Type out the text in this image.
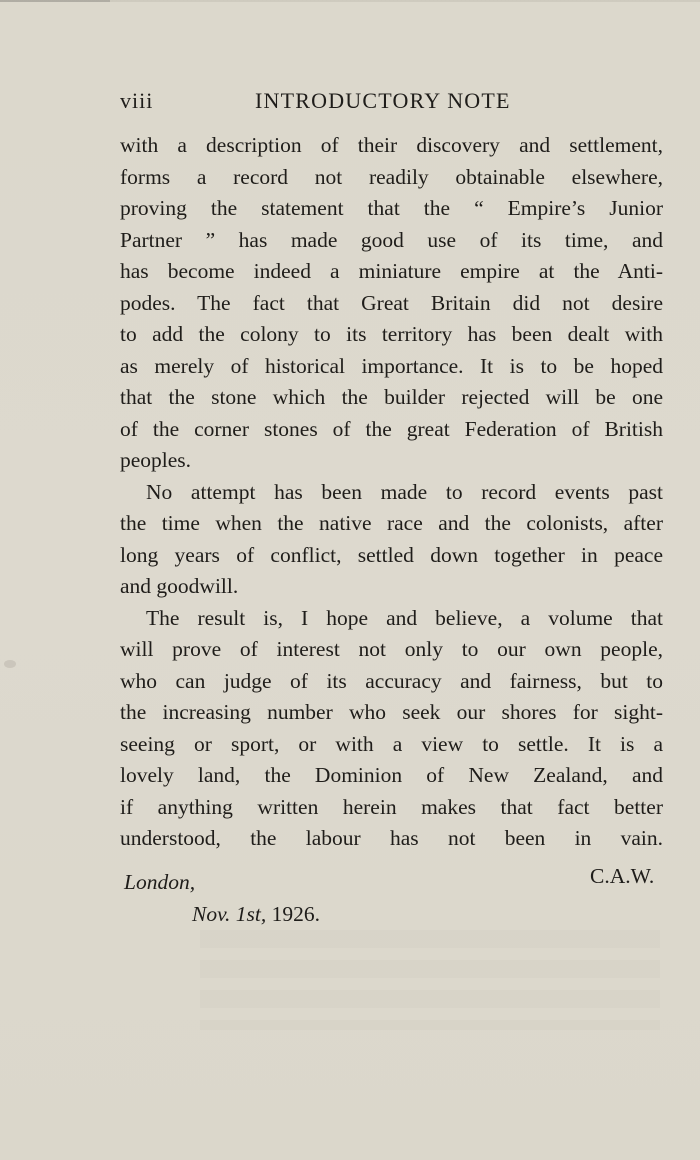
viii	INTRODUCTORY NOTE
with a description of their discovery and settlement,
forms a record not readily obtainable elsewhere,
proving the statement that the “ Empire’s Junior
Partner ” has made good use of its time, and
has become indeed a miniature empire at the Anti-
podes. The fact that Great Britain did not desire
to add the colony to its territory has been dealt with
as merely of historical importance. It is to be hoped
that the stone which the builder rejected will be one
of the corner stones of the great Federation of British
peoples.
No attempt has been made to record events past
the time when the native race and the colonists, after
long years of conflict, settled down together in peace
and goodwill.
The result is, I hope and believe, a volume that
will prove of interest not only to our own people,
who can judge of its accuracy and fairness, but to
the increasing number who seek our shores for sight-
seeing or sport, or with a view to settle. It is a
lovely land, the Dominion of New Zealand, and
if anything written herein makes that fact better
understood, the labour has not been in vain.
London,	C.A.W.
Nov. 1st, 1926.
